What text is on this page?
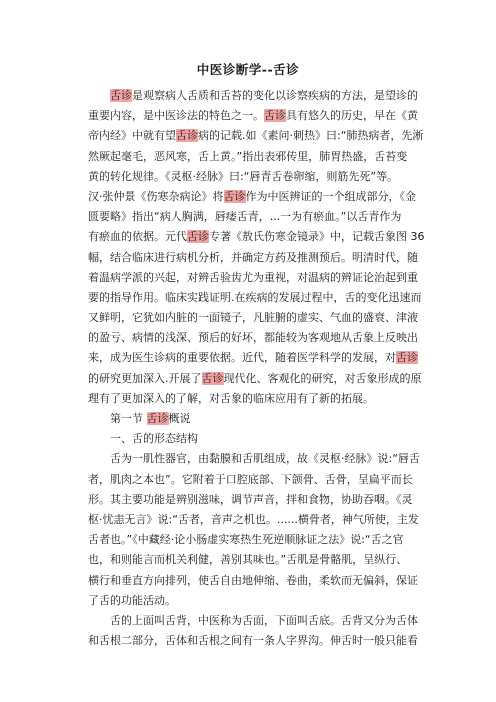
中医诊断学--舌诊
舌诊是观察病人舌质和舌苔的变化以诊察疾病的方法，是望诊的
重要内容，是中医诊法的特色之一。舌诊具有悠久的历史，早在《黄
帝内经》中就有望舌诊病的记载.如《素问·刺热》曰:“肺热病者，先淅
然厥起毫毛，恶风寒，舌上黄。”指出表邪传里，肺胃热盛，舌苔变
黄的转化规律。《灵枢·经脉》曰:“唇青舌卷卵缩，则筋先死”等。
汉·张仲景《伤寒杂病论》将舌诊作为中医辨证的一个组成部分，《金
匮要略》指出“病人胸满，唇痿舌青，...一为有瘀血。”以舌青作为
有瘀血的依据。元代舌诊专著《敖氏伤寒金镜录》中，记载舌象图 36
幅，结合临床进行病机分析，并确定方药及推测预后。明清时代，随
着温病学派的兴起，对辨舌验齿尤为重视，对温病的辨证论治起到重
要的指导作用。临床实践证明.在疾病的发展过程中，舌的变化迅速而
又鲜明，它犹如内脏的一面镜子，凡脏腑的虚实、气血的盛衰、津液
的盈亏、病情的浅深、预后的好坏，都能较为客观地从舌象上反映出
来，成为医生诊病的重要依据。近代，随着医学科学的发展，对舌诊
的研究更加深入.开展了舌诊现代化、客观化的研究，对舌象形成的原
理有了更加深入的了解，对舌象的临床应用有了新的拓展。
第一节 舌诊概说
一、舌的形态结构
舌为一肌性器官，由黏膜和舌肌组成，故《灵枢·经脉》说:“唇舌
者，肌肉之本也”。它附着于口腔底部、下颌骨、舌骨，呈扁平而长
形。其主要功能是辨别滋味，调节声音，拌和食物，协助吞咽。《灵
枢·忧恚无言》说:“舌者，音声之机也。......横骨者，神气所使，主发
舌者也。”《中藏经·论小肠虚实寒热生死逆顺脉证之法》说:“舌之官
也，和则能言而机关利健，善别其味也。”舌肌是骨骼肌，呈纵行、
横行和垂直方向排列，使舌自由地伸缩、卷曲，柔软而无偏斜，保证
了舌的功能活动。
舌的上面叫舌背，中医称为舌面，下面叫舌底。舌背又分为舌体
和舌根二部分，舌体和舌根之间有一条人字界沟。伸舌时一般只能看
